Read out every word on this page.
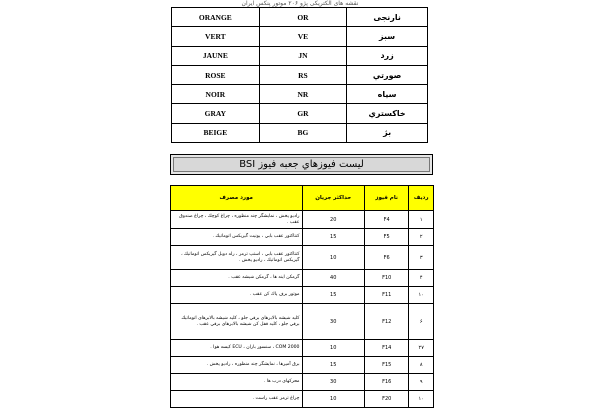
نقشه های الکتریکی پژو ۲۰۶ موتور پنکس ایران
ORANGE	OR	نارنجی
VERT	VE	سبز
JAUNE	JN	زرد
ROSE	RS	صورتي
NOIR	NR	سياه
GRAY	GR	خاكستري
BEIGE	BG	بژ
ليست فيوزهاي جعبه فيوز BSI
مورد مصرف	حداكثر جريان	نام فيوز	رديف
راديو پخش ، نمايشگر چند منظوره ، چراغ كوچك ، چراغ صندوق عقب .	20	F4	۱
كنتاكتور عقب بابي ، يونيت گيربكس اتوماتيك .	15	F5	۲
كنتاكتور عقب بابي ، استپ ترمز ، رله دوبل گيربكس اتوماتيك ، گيربكس اتوماتيك ، راديو پخش .	10	F6	۳
گرمكن اينه ها ، گرمكن شيشه عقب .	40	F10	۴
موتور برف پاك كن عقب .	15	F11	۱۰
كليد شيشه بالابرهاي برقي جلو ، كليد شيشه بالابرهاي اتوماتيك برقي جلو ، كليد قفل كن شيشه بالابرهاي برقي عقب .	30	F12	۶
COM 2000 ، سنسور باران ، ECU كيسه هوا .	10	F14	۲۷
برق آمپرها ، نمايشگر چند منظوره ، راديو پخش .	15	F15	۸
محركهاي درب ها .	30	F16	۹
چراغ ترمز عقب راست .	10	F20	۱۰
